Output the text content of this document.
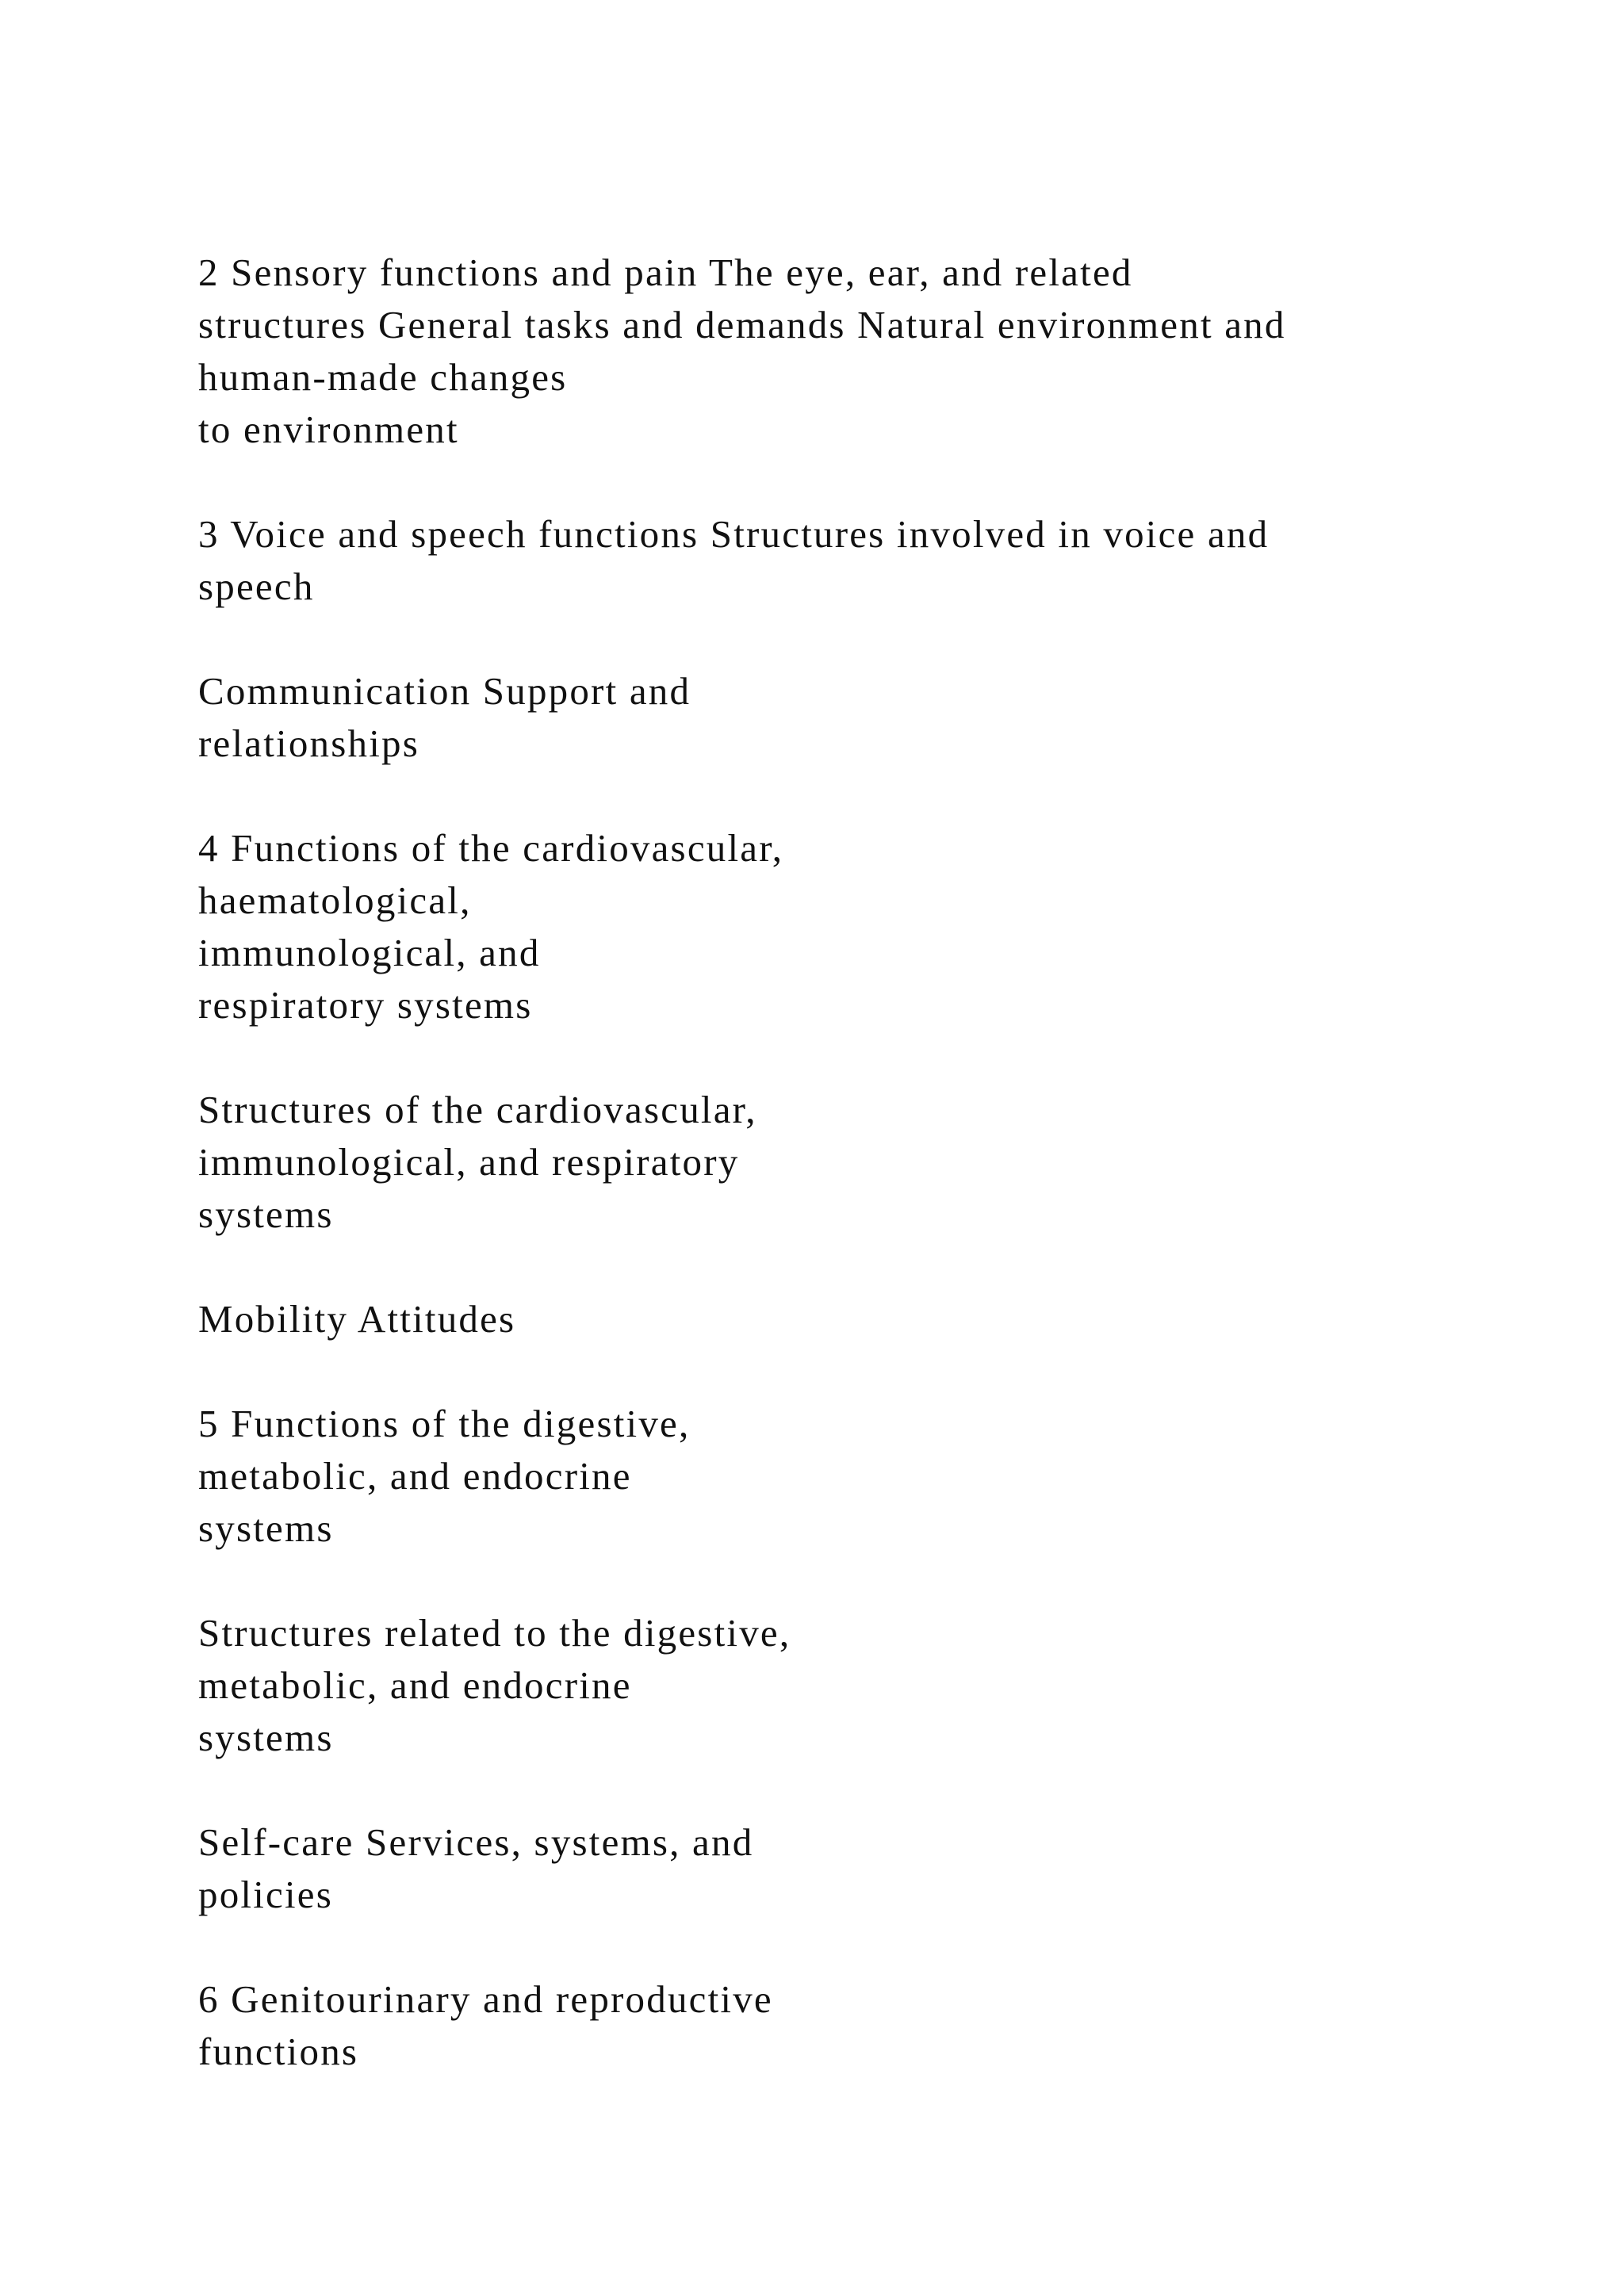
2 Sensory functions and pain The eye, ear, and related
structures General tasks and demands Natural environment and
human-made changes
to environment
3 Voice and speech functions Structures involved in voice and
speech
Communication Support and
relationships
4 Functions of the cardiovascular,
haematological,
immunological, and
respiratory systems
Structures of the cardiovascular,
immunological, and respiratory
systems
Mobility Attitudes
5 Functions of the digestive,
metabolic, and endocrine
systems
Structures related to the digestive,
metabolic, and endocrine
systems
Self-care Services, systems, and
policies
6 Genitourinary and reproductive
functions
